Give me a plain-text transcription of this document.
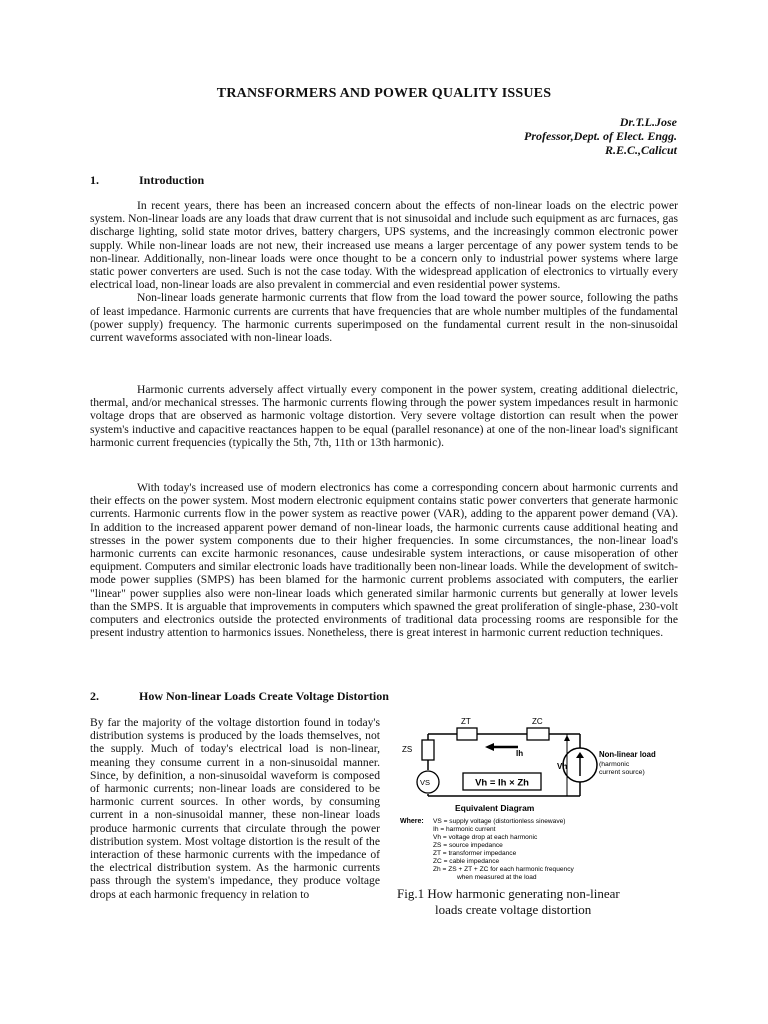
TRANSFORMERS AND POWER QUALITY ISSUES
Dr.T.L.Jose
Professor,Dept. of Elect. Engg.
R.E.C.,Calicut
1.	Introduction

In recent years, there has been an increased concern about the effects of non-linear loads on the electric power system. Non-linear loads are any loads that draw current that is not sinusoidal and include such equipment as arc furnaces, gas discharge lighting, solid state motor drives, battery chargers, UPS systems, and the increasingly common electronic power supply. While non-linear loads are not new, their increased use means a larger percentage of any power system tends to be non-linear. Additionally, non-linear loads were once thought to be a concern only to industrial power systems where large static power converters are used. Such is not the case today. With the widespread application of electronics to virtually every electrical load, non-linear loads are also prevalent in commercial and even residential power systems.

Non-linear loads generate harmonic currents that flow from the load toward the power source, following the paths of least impedance. Harmonic currents are currents that have frequencies that are whole number multiples of the fundamental (power supply) frequency. The harmonic currents superimposed on the fundamental current result in the non-sinusoidal current waveforms associated with non-linear loads.

Harmonic currents adversely affect virtually every component in the power system, creating additional dielectric, thermal, and/or mechanical stresses. The harmonic currents flowing through the power system impedances result in harmonic voltage drops that are observed as harmonic voltage distortion. Very severe voltage distortion can result when the power system's inductive and capacitive reactances happen to be equal (parallel resonance) at one of the non-linear load's significant harmonic current frequencies (typically the 5th, 7th, 11th or 13th harmonic).

With today's increased use of modern electronics has come a corresponding concern about harmonic currents and their effects on the power system. Most modern electronic equipment contains static power converters that generate harmonic currents. Harmonic currents flow in the power system as reactive power (VAR), adding to the apparent power demand (VA). In addition to the increased apparent power demand of non-linear loads, the harmonic currents cause additional heating and stresses in the power system components due to their higher frequencies. In some circumstances, the non-linear load's harmonic currents can excite harmonic resonances, cause undesirable system interactions, or cause misoperation of other equipment. Computers and similar electronic loads have traditionally been non-linear loads. While the development of switch-mode power supplies (SMPS) has been blamed for the harmonic current problems associated with computers, the earlier "linear" power supplies also were non-linear loads which generated similar harmonic currents but generally at lower levels than the SMPS. It is arguable that improvements in computers which spawned the great proliferation of single-phase, 230-volt computers and electronics outside the protected environments of traditional data processing rooms are responsible for the present industry attention to harmonics issues. Nonetheless, there is great interest in harmonic current reduction techniques.

2.	How Non-linear Loads Create Voltage Distortion

By far the majority of the voltage distortion found in today's distribution systems is produced by the loads themselves, not the supply. Much of today's electrical load is non-linear, meaning they consume current in a non-sinusoidal manner. Since, by definition, a non-sinusoidal waveform is composed of harmonic currents; non-linear loads are considered to be harmonic current sources. In other words, by consuming current in a non-sinusoidal manner, these non-linear loads produce harmonic currents that circulate through the power distribution system. Most voltage distortion is the result of the interaction of these harmonic currents with the impedance of the electrical distribution system. As the harmonic currents pass through the system's impedance, they produce voltage drops at each harmonic frequency in relation to

Vh = Ih × Zh
ZT	ZC
ZS
VS
Ih
Vh
Non-linear load
(harmonic
current source)
Equivalent Diagram
Where: VS = supply voltage (distortionless sinewave)
Ih = harmonic current
Vh = voltage drop at each harmonic
ZS = source impedance
ZT = transformer impedance
ZC = cable impedance
Zh = ZS + ZT + ZC for each harmonic frequency
when measured at the load
Fig.1 How harmonic generating non-linear
loads create voltage distortion
